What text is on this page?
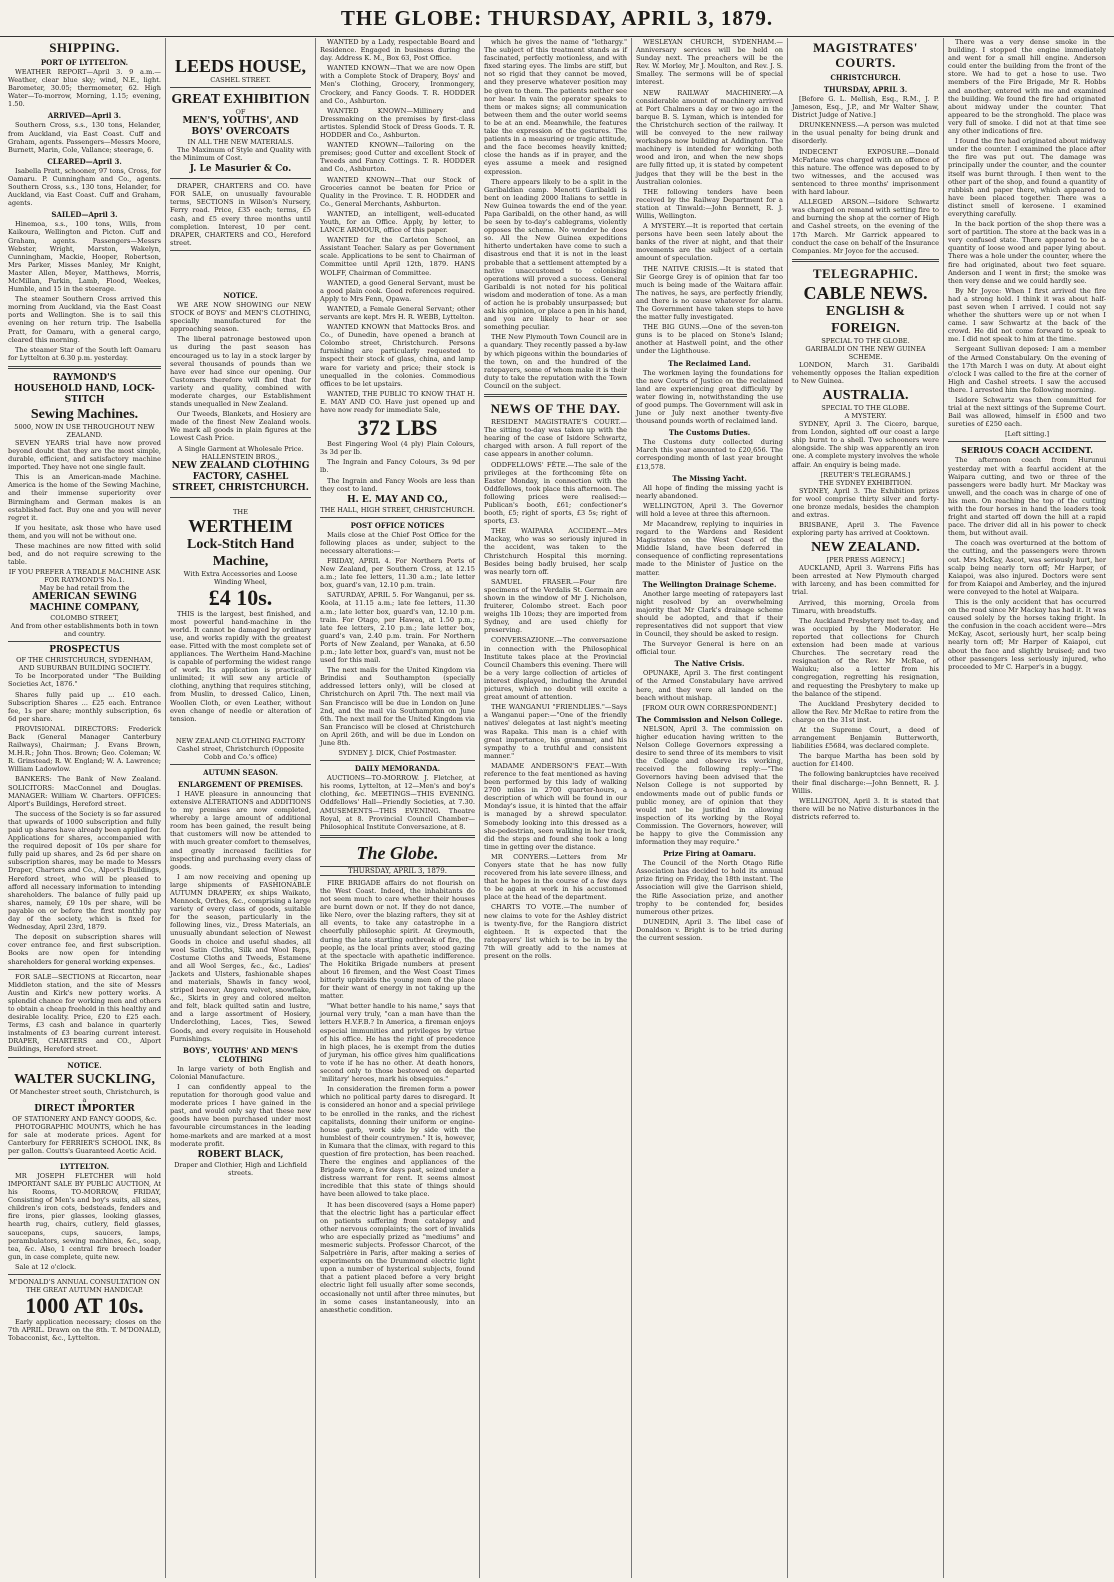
THE GLOBE: THURSDAY, APRIL 3, 1879.
SHIPPING.
PORT OF LYTTELTON.

WEATHER REPORT—April 3. 9 a.m.—Weather, clear blue sky; wind, N.E., light. Barometer, 30.05; thermometer, 62. High Water—To-morrow, Morning, 1.15; evening, 1.50.

ARRIVED—April 3.

Southern Cross, s.s., 130 tons, Helander, from Auckland, via East Coast. Cuff and Graham, agents. Passengers—Messrs Moore, Burnett, Marin, Cole, Vallance; steerage, 6.

CLEARED—April 3.

Isabella Pratt, schooner, 97 tons, Cross, for Oamaru. P. Cunningham and Co., agents. Southern Cross, s.s., 130 tons, Helander, for Auckland, via East Coast. Cuff and Graham, agents.

SAILED—April 3.

Hinemoa, s.s., 100 tons, Wills, from Kaikoura, Wellington and Picton. Cuff and Graham, agents. Passengers—Messrs Webster, Wright, Marston, Wakelyn, Cunningham, Mackie, Hooper, Robertson, Mrs Parker, Misses Manley, Mr Knight, Master Allen, Meyer, Matthews, Morris, McMillan, Parkin, Lamb, Flood, Weekes, Humble, and 15 in the steerage.

The steamer Southern Cross arrived this morning from Auckland, via the East Coast ports and Wellington. She is to sail this evening on her return trip. The Isabella Pratt, for Oamaru, with a general cargo, cleared this morning.

The steamer Star of the South left Oamaru for Lyttelton at 6.30 p.m. yesterday.

RAYMOND'S
HOUSEHOLD HAND, LOCK-STITCH
Sewing Machines.
5000, NOW IN USE THROUGHOUT NEW ZEALAND.

SEVEN YEARS trial have now proved beyond doubt that they are the most simple, durable, efficient, and satisfactory machine imported. They have not one single fault.

This is an American-made Machine. America is the home of the Sewing Machine, and their immense superiority over Birmingham and German makes is an established fact. Buy one and you will never regret it.

If you hesitate, ask those who have used them, and you will not be without one.

These machines are now fitted with solid bed, and do not require screwing to the table.

IF YOU PREFER A TREADLE MACHINE ASK FOR RAYMOND'S No.1.
May be had retail from the
AMERICAN SEWING MACHINE COMPANY,
COLOMBO STREET,
And from other establishments both in town and country.
PROSPECTUS
OF THE CHRISTCHURCH, SYDENHAM, AND SUBURBAN BUILDING SOCIETY.

To be Incorporated under "The Building Societies Act, 1876."

Shares fully paid up ... £10 each. Subscription Shares ... £25 each. Entrance fee, 1s per share; monthly subscription, 6s 6d per share.

PROVISIONAL DIRECTORS: Frederick Back (General Manager Canterbury Railways), Chairman; J. Evans Brown, M.H.R.; John Thos. Brown; Geo. Coleman; W. R. Grinstead; R. W. England; W. A. Lawrence; William Ladowlow.

BANKERS: The Bank of New Zealand. SOLICITORS: MacConnel and Douglas. MANAGER: William W. Charters. OFFICES: Alport's Buildings, Hereford street.

The success of the Society is so far assured that upwards of 1000 subscription and fully paid up shares have already been applied for. Applications for shares, accompanied with the required deposit of 10s per share for fully paid up shares, and 2s 6d per share on subscription shares, may be made to Messrs Draper, Charters and Co., Alport's Buildings, Hereford street, who will be pleased to afford all necessary information to intending shareholders. The balance of fully paid up shares, namely, £9 10s per share, will be payable on or before the first monthly pay day of the society, which is fixed for Wednesday, April 23rd, 1879.

The deposit on subscription shares will cover entrance fee, and first subscription. Books are now open for intending shareholders for general working expenses.

FOR SALE—SECTIONS at Riccarton, near Middleton station, and the site of Messrs Austin and Kirk's new pottery works. A splendid chance for working men and others to obtain a cheap freehold in this healthy and desirable locality. Price, £20 to £25 each. Terms, £3 cash and balance in quarterly instalments of £3 bearing current interest. DRAPER, CHARTERS and CO., Alport Buildings, Hereford street.

NOTICE.
WALTER SUCKLING,
Of Manchester street south, Christchurch, is a
DIRECT IMPORTER
OF STATIONERY AND FANCY GOODS, &c.

PHOTOGRAPHIC MOUNTS, which he has for sale at moderate prices. Agent for Canterbury for FERRIER'S SCHOOL INK, 8s per gallon. Coutts's Guaranteed Acetic Acid.

LYTTELTON.

MR JOSEPH FLETCHER will hold IMPORTANT SALE BY PUBLIC AUCTION, At his Rooms, TO-MORROW, FRIDAY, Consisting of Men's and boy's suits, all sizes, children's iron cots, bedsteads, fenders and fire irons, pier glasses, looking glasses, hearth rug, chairs, cutlery, field glasses, saucepans, cups, saucers, lamps, perambulators, sewing machines, &c., soap, tea, &c. Also, 1 central fire breech loader gun, in case complete, quite new.

Sale at 12 o'clock.

M'DONALD'S ANNUAL CONSULTATION ON THE GREAT AUTUMN HANDICAP.
1000 AT 10s.

Early application necessary; closes on the 7th APRIL. Drawn on the 8th. T. M'DONALD, Tobacconist, &c., Lyttelton.

LEEDS HOUSE,
CASHEL STREET.
GREAT EXHIBITION
OF
MEN'S, YOUTHS', AND BOYS' OVERCOATS
IN ALL THE NEW MATERIALS.

The Maximum of Style and Quality with the Minimum of Cost.

J. Le Masurier & Co.

DRAPER, CHARTERS and CO. have FOR SALE, on unusually favourable terms, SECTIONS in Wilson's Nursery, Ferry road. Price, £35 each; terms, £5 cash, and £5 every three months until completion. Interest, 10 per cent. DRAPER, CHARTERS and CO., Hereford street.

NOTICE.

WE ARE NOW SHOWING our NEW STOCK of BOYS' and MEN'S CLOTHING, specially manufactured for the approaching season.

The liberal patronage bestowed upon us during the past season has encouraged us to lay in a stock larger by several thousands of pounds than we have ever had since our opening. Our Customers therefore will find that for variety and quality, combined with moderate charges, our Establishment stands unequalled in New Zealand.

Our Tweeds, Blankets, and Hosiery are made of the finest New Zealand wools. We mark all goods in plain figures at the Lowest Cash Price.

A Single Garment at Wholesale Price.
HALLENSTEIN BROS.,
NEW ZEALAND CLOTHING FACTORY, CASHEL STREET, CHRISTCHURCH.
THE
WERTHEIM
Lock-Stitch Hand Machine,
With Extra Accessories and Loose Winding Wheel,
£4 10s.

THIS is the largest, best finished, and most powerful hand-machine in the world. It cannot be damaged by ordinary use, and works rapidly with the greatest ease. Fitted with the most complete set of appliances. The Wertheim Hand-Machine is capable of performing the widest range of work. Its application is practically unlimited; it will sew any article of clothing, anything that requires stitching, from Muslin, to dressed Calico, Linen, Woollen Cloth, or even Leather, without even change of needle or alteration of tension.

NEW ZEALAND CLOTHING FACTORY
Cashel street, Christchurch (Opposite Cobb and Co.'s office)
AUTUMN SEASON.
ENLARGEMENT OF PREMISES.

I HAVE pleasure in announcing that extensive ALTERATIONS and ADDITIONS to my premises are now completed, whereby a large amount of additional room has been gained, the result being that customers will now be attended to with much greater comfort to themselves, and greatly increased facilities for inspecting and purchasing every class of goods.

I am now receiving and opening up large shipments of FASHIONABLE AUTUMN DRAPERY, ex ships Waikato, Mennock, Orthes, &c., comprising a large variety of every class of goods, suitable for the season, particularly in the following lines, viz., Dress Materials, an unusually abundant selection of Newest Goods in choice and useful shades, all wool Satin Cloths, Silk and Wool Reps, Costume Cloths and Tweeds, Estamene and all Wool Serges, &c., &c., Ladies' Jackets and Ulsters, fashionable shapes and materials, Shawls in fancy wool, striped beaver, Angora velvet, snowflake, &c., Skirts in grey and colored melton and felt, black quilted satin and lustre, and a large assortment of Hosiery, Underclothing, Laces, Ties, Sewed Goods, and every requisite in Household Furnishings.

BOYS', YOUTHS' AND MEN'S CLOTHING

In large variety of both English and Colonial Manufacture.

I can confidently appeal to the reputation for thorough good value and moderate prices I have gained in the past, and would only say that these new goods have been purchased under most favourable circumstances in the leading home-markets and are marked at a most moderate profit.

ROBERT BLACK,
Draper and Clothier, High and Lichfield streets.

WANTED by a Lady, respectable Board and Residence. Engaged in business during the day. Address K. M., Box 63, Post Office.

WANTED KNOWN—That we are now Open with a Complete Stock of Drapery, Boys' and Men's Clothing, Grocery, Ironmongery, Crockery, and Fancy Goods. T. R. HODDER and Co., Ashburton.

WANTED KNOWN—Millinery and Dressmaking on the premises by first-class artistes. Splendid Stock of Dress Goods. T. R. HODDER and Co., Ashburton.

WANTED KNOWN—Tailoring on the premises; good Cutter and excellent Stock of Tweeds and Fancy Cottings. T. R. HODDER and Co., Ashburton.

WANTED KNOWN—That our Stock of Groceries cannot be beaten for Price or Quality in the Province. T. R. HODDER and Co., General Merchants, Ashburton.

WANTED, an intelligent, well-educated Youth, for an Office. Apply, by letter, to LANCE ARMOUR, office of this paper.

WANTED for the Carleton School, an Assistant Teacher. Salary as per Government scale. Applications to be sent to Chairman of Committee until April 12th, 1879. HANS WOLFF, Chairman of Committee.

WANTED, a good General Servant, must be a good plain cook. Good references required. Apply to Mrs Fenn, Opawa.

WANTED, a Female General Servant; other servants are kept. Mrs H. R. WEBB, Lyttelton.

WANTED KNOWN that Mattocks Bros. and Co., of Dunedin, have opened a branch at Colombo street, Christchurch. Persons furnishing are particularly requested to inspect their stock of glass, china, and lamp ware for variety and price; their stock is unequalled in the colonies. Commodious offices to be let upstairs.

WANTED, THE PUBLIC TO KNOW THAT H. E. MAY AND CO. Have just opened up and have now ready for immediate Sale,

372 LBS

Best Fingering Wool (4 ply) Plain Colours, 3s 3d per lb.

The Ingrain and Fancy Colours, 3s 9d per lb.

The Ingrain and Fancy Wools are less than they cost to land.

H. E. MAY AND CO.,
THE HALL, HIGH STREET, CHRISTCHURCH.
POST OFFICE NOTICES

Mails close at the Chief Post Office for the following places as under, subject to the necessary alterations:—

FRIDAY, APRIL 4. For Northern Ports of New Zealand, per Southern Cross, at 12.15 a.m.; late fee letters, 11.30 a.m.; late letter box, guard's van, 12.10 p.m. train.

SATURDAY, APRIL 5. For Wanganui, per ss. Koola, at 11.15 a.m.; late fee letters, 11.30 a.m.; late letter box, guard's van, 12.10 p.m. train. For Otago, per Hawea, at 1.50 p.m.; late fee letters, 2.10 p.m.; late letter box, guard's van, 2.40 p.m. train. For Northern Ports of New Zealand, per Wanaka, at 6.50 p.m.; late letter box, guard's van, must not be used for this mail.

The next mails for the United Kingdom via Brindisi and Southampton (specially addressed letters only), will be closed at Christchurch on April 7th. The next mail via San Francisco will be due in London on June 2nd, and the mail via Southampton on June 6th. The next mail for the United Kingdom via San Francisco will be closed at Christchurch on April 26th, and will be due in London on June 8th.

SYDNEY J. DICK, Chief Postmaster.
DAILY MEMORANDA.

AUCTIONS—TO-MORROW. J. Fletcher, at his rooms, Lyttelton, at 12—Men's and boy's clothing, &c. MEETINGS—THIS EVENING. Oddfellows' Hall—Friendly Societies, at 7.30. AMUSEMENTS—THIS EVENING. Theatre Royal, at 8. Provincial Council Chamber—Philosophical Institute Conversazione, at 8.

The Globe.
THURSDAY, APRIL 3, 1879.

FIRE BRIGADE affairs do not flourish on the West Coast. Indeed, the inhabitants do not seem much to care whether their houses are burnt down or not. If they do not dance, like Nero, over the blazing rafters, they sit at all events, to take any catastrophe in a cheerfully philosophic spirit. At Greymouth, during the late startling outbreak of fire, the people, as the local prints aver, stood gazing at the spectacle with apathetic indifference. The Hokitika Brigade numbers at present about 16 firemen, and the West Coast Times bitterly upbraids the young men of the place for their want of energy in not taking up the matter.

"What better handle to his name," says that journal very truly, "can a man have than the letters H.V.F.B.? In America, a fireman enjoys especial immunities and privileges by virtue of his office. He has the right of precedence in high places, he is exempt from the duties of juryman, his office gives him qualifications to vote if he has no other. At death honors, second only to those bestowed on departed 'military' heroes, mark his obsequies."

In consideration the firemen form a power which no political party dares to disregard. It is considered an honor and a special privilege to be enrolled in the ranks, and the richest capitalists, donning their uniform or engine-house garb, work side by side with the humblest of their countrymen." It is, however, in Kumara that the climax, with regard to this question of fire protection, has been reached. There the engines and appliances of the Brigade were, a few days past, seized under a distress warrant for rent. It seems almost incredible that this state of things should have been allowed to take place.

It has been discovered (says a Home paper) that the electric light has a particular effect on patients suffering from catalepsy and other nervous complaints; the sort of invalids who are especially prized as "mediums" and mesmeric subjects. Professor Charcot, of the Salpetrière in Paris, after making a series of experiments on the Drummond electric light upon a number of hysterical subjects, found that a patient placed before a very bright electric light fell usually after some seconds, occasionally not until after three minutes, but in some cases instantaneously, into an anæsthetic condition.

which he gives the name of "lethargy." The subject of this treatment stands as if fascinated, perfectly motionless, and with fixed staring eyes. The limbs are stiff, but not so rigid that they cannot be moved, and they preserve whatever position may be given to them. The patients neither see nor hear. In vain the operator speaks to them or makes signs; all communication between them and the outer world seems to be at an end. Meanwhile, the features take the expression of the gestures. The patients in a measuring or tragic attitude, and the face becomes heavily knitted; close the hands as if in prayer, and the eyes assume a meek and resigned expression.

There appears likely to be a split in the Garibaldian camp. Menotti Garibaldi is bent on leading 2000 Italians to settle in New Guinea towards the end of the year. Papa Garibaldi, on the other hand, as will be seen by to-day's cablegrams, violently opposes the scheme. No wonder he does so. All the New Guinea expeditions hitherto undertaken have come to such a disastrous end that it is not in the least probable that a settlement attempted by a native unaccustomed to colonising operations will proved a success. General Garibaldi is not noted for his political wisdom and moderation of tone. As a man of action he is probably unsurpassed; but ask his opinion, or place a pen in his hand, and you are likely to hear or see something peculiar.

THE New Plymouth Town Council are in a quandary. They recently passed a by-law by which pigeons within the boundaries of the town, on and the hundred of the ratepayers, some of whom make it is their duty to take the reputation with the Town Council on the subject.

NEWS OF THE DAY.

RESIDENT MAGISTRATE'S COURT.—The sitting to-day was taken up with the hearing of the case of Isidore Schwartz, charged with arson. A full report of the case appears in another column.

ODDFELLOWS' FÊTE.—The sale of the privileges at the forthcoming fête on Easter Monday, in connection with the Oddfellows, took place this afternoon. The following prices were realised:—Publican's booth, £61; confectioner's booth, £5; right of sports, £3 5s; right of sports, £3.

THE WAIPARA ACCIDENT.—Mrs Mackay, who was so seriously injured in the accident, was taken to the Christchurch Hospital this morning. Besides being badly bruised, her scalp was nearly torn off.

SAMUEL FRASER.—Four fire specimens of the Verdalis St. Germain are shown in the window of Mr J. Nicholson, fruiterer, Colombo street. Each poor weighs 1lb 10ozs; they are imported from Sydney, and are used chiefly for preserving.

CONVERSAZIONE.—The conversazione in connection with the Philosophical Institute takes place at the Provincial Council Chambers this evening. There will be a very large collection of articles of interest displayed, including the Arundel pictures, which no doubt will excite a great amount of attention.

THE WANGANUI "FRIENDLIES."—Says a Wanganui paper:—"One of the friendly natives' delegates at last night's meeting was Rapaka. This man is a chief with great importance, his grammar, and his sympathy to a truthful and consistent manner."

MADAME ANDERSON'S FEAT.—With reference to the feat mentioned as having been performed by this lady of walking 2700 miles in 2700 quarter-hours, a description of which will be found in our Monday's issue, it is hinted that the affair is managed by a shrewd speculator. Somebody looking into this dressed as a she-pedestrian, seen walking in her track, did the steps and found she took a long time in getting over the distance.

MR CONYERS.—Letters from Mr Conyers state that he has now fully recovered from his late severe illness, and that he hopes in the course of a few days to be again at work in his accustomed place at the head of the department.

CHARTS TO VOTE.—The number of new claims to vote for the Ashley district is twenty-five, for the Rangiora district eighteen. It is expected that the ratepayers' list which is to be in by the 7th will greatly add to the names at present on the rolls.

WESLEYAN CHURCH, SYDENHAM.—Anniversary services will be held on Sunday next. The preachers will be the Rev. W. Morley, Mr J. Moulton, and Rev. J. S. Smalley. The sermons will be of special interest.

NEW RAILWAY MACHINERY.—A considerable amount of machinery arrived at Port Chalmers a day or two ago in the barque B. S. Lyman, which is intended for the Christchurch section of the railway. It will be conveyed to the new railway workshops now building at Addington. The machinery is intended for working both wood and iron, and when the new shops are fully fitted up, it is stated by competent judges that they will be the best in the Australian colonies.

THE following tenders have been received by the Railway Department for a station at Tinwald:—John Bennett, R. J. Willis, Wellington.

A MYSTERY.—It is reported that certain persons have been seen lately about the banks of the river at night, and that their movements are the subject of a certain amount of speculation.

THE NATIVE CRISIS.—It is stated that Sir George Grey is of opinion that far too much is being made of the Waitara affair. The natives, he says, are perfectly friendly, and there is no cause whatever for alarm. The Government have taken steps to have the matter fully investigated.

THE BIG GUNS.—One of the seven-ton guns is to be placed on Stone's Island; another at Hastwell point, and the other under the Lighthouse.

The Reclaimed Land.

The workmen laying the foundations for the new Courts of Justice on the reclaimed land are experiencing great difficulty by water flowing in, notwithstanding the use of good pumps. The Government will ask in June or July next another twenty-five thousand pounds worth of reclaimed land.

The Customs Duties.

The Customs duty collected during March this year amounted to £20,656. The corresponding month of last year brought £13,578.

The Missing Yacht.

All hope of finding the missing yacht is nearly abandoned.

WELLINGTON, April 3. The Governor will hold a levee at three this afternoon.

Mr Macandrew, replying to inquiries in regard to the Wardens and Resident Magistrates on the West Coast of the Middle Island, have been deferred in consequence of conflicting representations made to the Minister of Justice on the matter.

The Wellington Drainage Scheme.

Another large meeting of ratepayers last night resolved by an overwhelming majority that Mr Clark's drainage scheme should be adopted, and that if their representatives did not support that view in Council, they should be asked to resign.

The Surveyor General is here on an official tour.

The Native Crisis.

OPUNAKE, April 3. The first contingent of the Armed Constabulary have arrived here, and they were all landed on the beach without mishap.

[FROM OUR OWN CORRESPONDENT.]
The Commission and Nelson College.

NELSON, April 3. The commission on higher education having written to the Nelson College Governors expressing a desire to send three of its members to visit the College and observe its working, received the following reply:—"The Governors having been advised that the Nelson College is not supported by endowments made out of public funds or public money, are of opinion that they would not be justified in allowing inspection of its working by the Royal Commission. The Governors, however, will be happy to give the Commission any information they may require."

Prize Firing at Oamaru.

The Council of the North Otago Rifle Association has decided to hold its annual prize firing on Friday, the 18th instant. The Association will give the Garrison shield, the Rifle Association prize, and another trophy to be contended for, besides numerous other prizes.

DUNEDIN, April 3. The libel case of Donaldson v. Bright is to be tried during the current session.

MAGISTRATES' COURTS.
CHRISTCHURCH.
THURSDAY, APRIL 3.

[Before G. L. Mellish, Esq., R.M., J. P. Jameson, Esq., J.P., and Mr Walter Shaw, District Judge of Native.]

DRUNKENNESS.—A person was mulcted in the usual penalty for being drunk and disorderly.

INDECENT EXPOSURE.—Donald McFarlane was charged with an offence of this nature. The offence was deposed to by two witnesses, and the accused was sentenced to three months' imprisonment with hard labour.

ALLEGED ARSON.—Isidore Schwartz was charged on remand with setting fire to and burning the shop at the corner of High and Cashel streets, on the evening of the 17th March. Mr Garrick appeared to conduct the case on behalf of the Insurance Companies. Mr Joyce for the accused.

TELEGRAPHIC.
CABLE NEWS.
ENGLISH & FOREIGN.
SPECIAL TO THE GLOBE.
GARIBALDI ON THE NEW GUINEA SCHEME.

LONDON, March 31. Garibaldi vehemently opposes the Italian expedition to New Guinea.

AUSTRALIA.
SPECIAL TO THE GLOBE.
A MYSTERY.

SYDNEY, April 3. The Cicero, barque, from London, sighted off our coast a large ship burnt to a shell. Two schooners were alongside. The ship was apparently an iron one. A complete mystery involves the whole affair. An enquiry is being made.

[REUTER'S TELEGRAMS.]
THE SYDNEY EXHIBITION.

SYDNEY, April 3. The Exhibition prizes for wool comprise thirty silver and forty-one bronze medals, besides the champion and extras.

BRISBANE, April 3. The Favence exploring party has arrived at Cooktown.

NEW ZEALAND.
[PER PRESS AGENCY.]

AUCKLAND, April 3. Warrens Fifis has been arrested at New Plymouth charged with larceny, and has been committed for trial.

Arrived, this morning, Orcela from Timaru, with breadstuffs.

The Auckland Presbytery met to-day, and was occupied by the Moderator. He reported that collections for Church extension had been made at various Churches. The secretary read the resignation of the Rev. Mr McRae, of Waiuku; also a letter from his congregation, regretting his resignation, and requesting the Presbytery to make up the balance of the stipend.

The Auckland Presbytery decided to allow the Rev. Mr McRae to retire from the charge on the 31st inst.

At the Supreme Court, a deed of arrangement Benjamin Butterworth, liabilities £5684, was declared complete.

The barque Martha has been sold by auction for £1400.

The following bankruptcies have received their final discharge:—John Bennett, R. J. Willis.

WELLINGTON, April 3. It is stated that there will be no Native disturbances in the districts referred to.

There was a very dense smoke in the building. I stopped the engine immediately and went for a small hill engine. Anderson could enter the building from the front of the store. We had to get a hose to use. Two members of the Fire Brigade, Mr R. Hobbs and another, entered with me and examined the building. We found the fire had originated about midway under the counter. That appeared to be the stronghold. The place was very full of smoke. I did not at that time see any other indications of fire.

I found the fire had originated about midway under the counter. I examined the place after the fire was put out. The damage was principally under the counter, and the counter itself was burnt through. I then went to the other part of the shop, and found a quantity of rubbish and paper there, which appeared to have been placed together. There was a distinct smell of kerosene. I examined everything carefully.

In the back portion of the shop there was a sort of partition. The store at the back was in a very confused state. There appeared to be a quantity of loose wood and paper lying about. There was a hole under the counter, where the fire had originated, about two feet square. Anderson and I went in first; the smoke was then very dense and we could hardly see.

By Mr Joyce: When I first arrived the fire had a strong hold. I think it was about half-past seven when I arrived. I could not say whether the shutters were up or not when I came. I saw Schwartz at the back of the crowd. He did not come forward to speak to me. I did not speak to him at the time.

Sergeant Sullivan deposed: I am a member of the Armed Constabulary. On the evening of the 17th March I was on duty. At about eight o'clock I was called to the fire at the corner of High and Cashel streets. I saw the accused there. I arrested him the following morning.

Isidore Schwartz was then committed for trial at the next sittings of the Supreme Court. Bail was allowed, himself in £500 and two sureties of £250 each.

[Left sitting.]
SERIOUS COACH ACCIDENT.

The afternoon coach from Hurunui yesterday met with a fearful accident at the Waipara cutting, and two or three of the passengers were badly hurt. Mr Mackay was unwell, and the coach was in charge of one of his men. On reaching the top of the cutting with the four horses in hand the leaders took fright and started off down the hill at a rapid pace. The driver did all in his power to check them, but without avail.

The coach was overturned at the bottom of the cutting, and the passengers were thrown out. Mrs McKay, Ascot, was seriously hurt, her scalp being nearly torn off; Mr Harper, of Kaiapoi, was also injured. Doctors were sent for from Kaiapoi and Amberley, and the injured were conveyed to the hotel at Waipara.

This is the only accident that has occurred on the road since Mr Mackay has had it. It was caused solely by the horses taking fright. In the confusion in the coach accident were—Mrs McKay, Ascot, seriously hurt, her scalp being nearly torn off; Mr Harper of Kaiapoi, cut about the face and slightly bruised; and two other passengers less seriously injured, who proceeded to Mr C. Harper's in a buggy.
